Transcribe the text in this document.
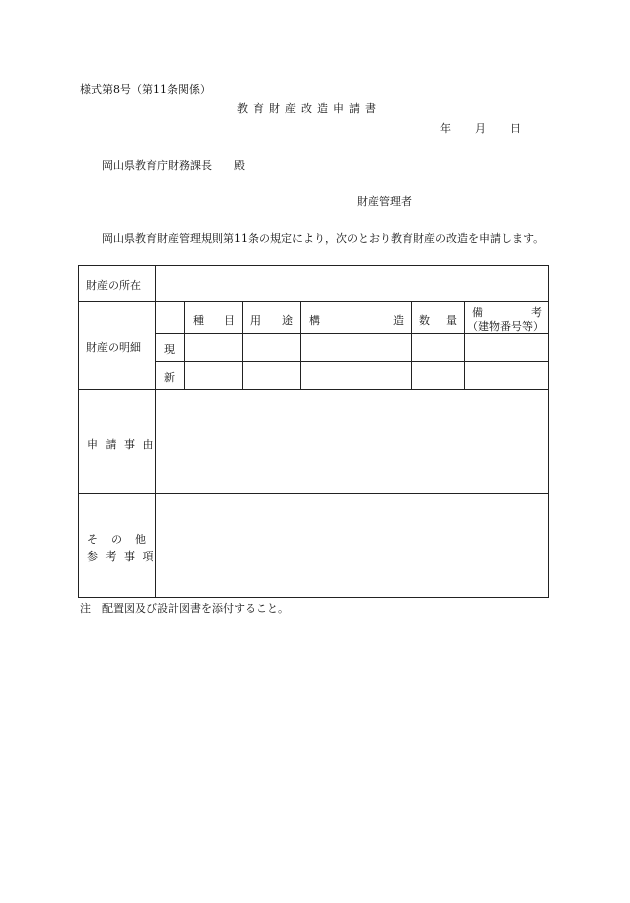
様式第8号（第11条関係）
教育財産改造申請書
年 月 日
岡山県教育庁財務課長 殿
財産管理者
岡山県教育財産管理規則第11条の規定により，次のとおり教育財産の改造を申請します。
財産の所在
財産の明細
種 目 用 途 構	造 数 量
備	考
（建物番号等）
現
新
申 請 事 由
そ　の　他
参 考 事 項
注　配置図及び設計図書を添付すること。
